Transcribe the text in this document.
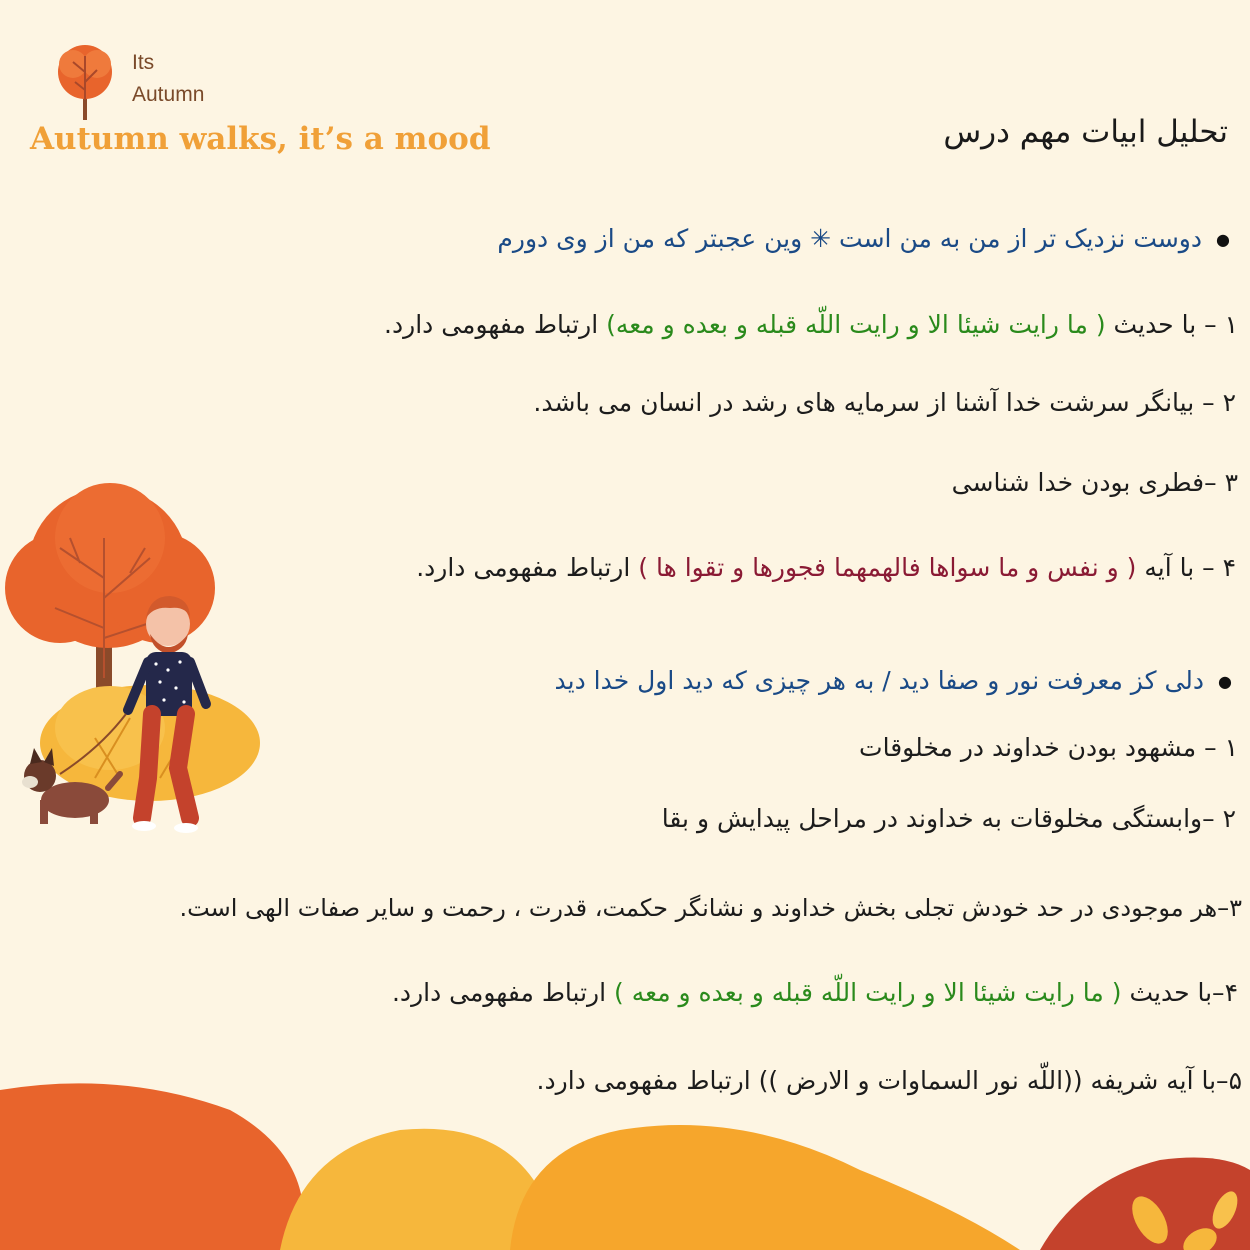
Its
Autumn
Autumn walks, it’s a mood	تحلیل ابیات مهم درس
● دوست نزدیک تر از من به من است ✳ وین عجبتر که من از وی دورم
۱ – با حدیث ( ما رایت شیئا الا و رایت اللّه قبله و بعده و معه) ارتباط مفهومی دارد.
۲ – بیانگر سرشت خدا آشنا از سرمایه های رشد در انسان می باشد.
۳ –فطری بودن خدا شناسی
۴ – با آیه ( و نفس و ما سواها فالهمهما فجورها و تقوا ها ) ارتباط مفهومی دارد.
● دلی کز معرفت نور و صفا دید / به هر چیزی که دید اول خدا دید
۱ – مشهود بودن خداوند در مخلوقات
۲ –وابستگی مخلوقات به خداوند در مراحل پیدایش و بقا
۳–هر موجودی در حد خودش تجلی بخش خداوند و نشانگر حکمت، قدرت ، رحمت و سایر صفات الهی است.
۴–با حدیث ( ما رایت شیئا الا و رایت اللّه قبله و بعده و معه ) ارتباط مفهومی دارد.
۵–با آیه شریفه ((اللّه نور السماوات و الارض )) ارتباط مفهومی دارد.
